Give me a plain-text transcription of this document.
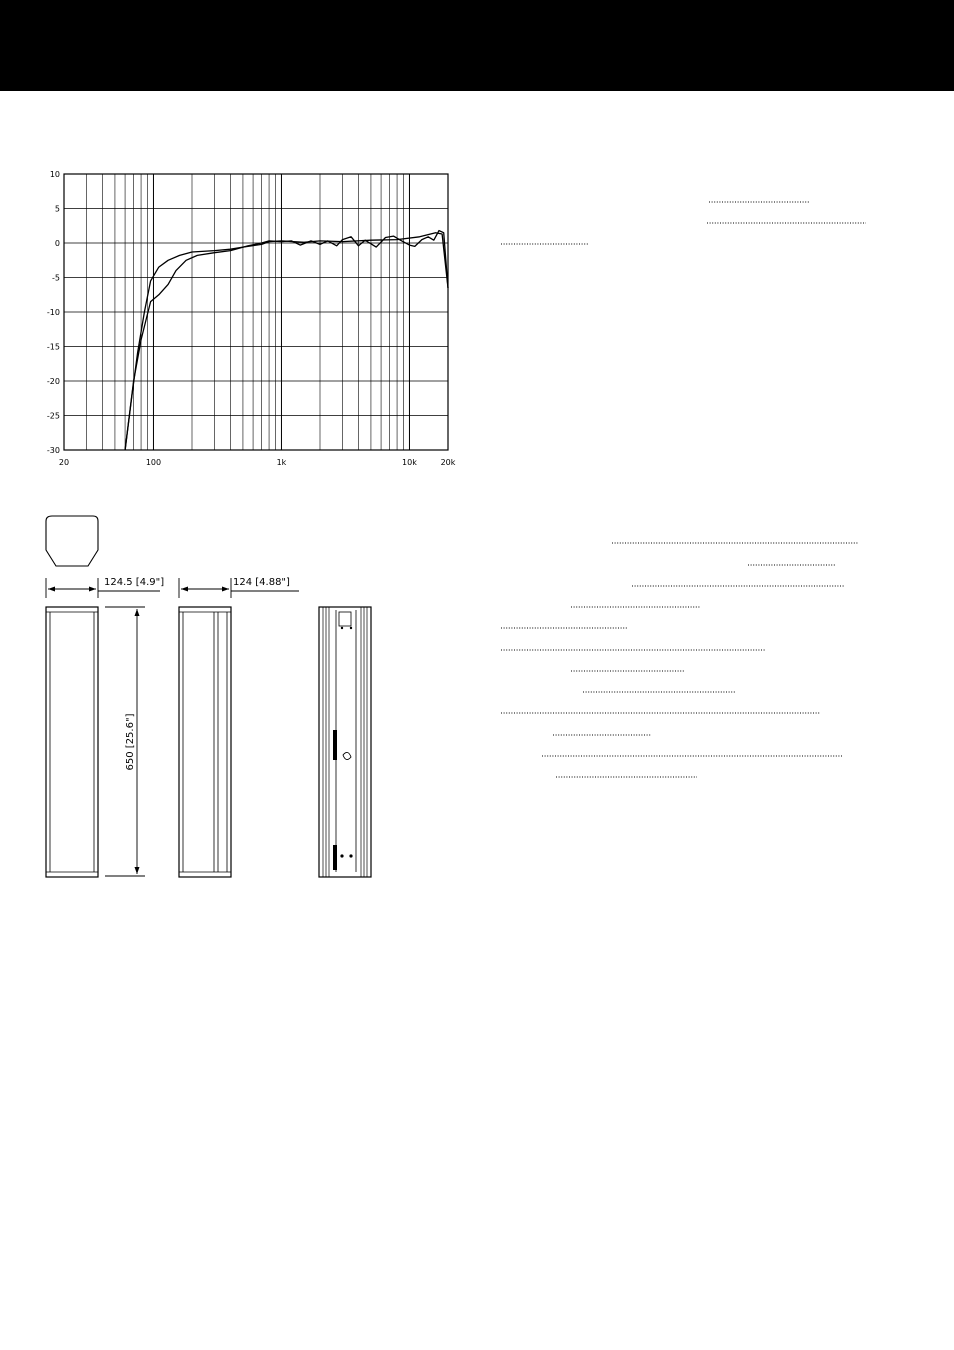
10
5
0
-5
-10
-15
-20
-25
-30
20	100	1k	10k	20k
124.5 [4.9"]	124 [4.88"]
650 [25.6"]
